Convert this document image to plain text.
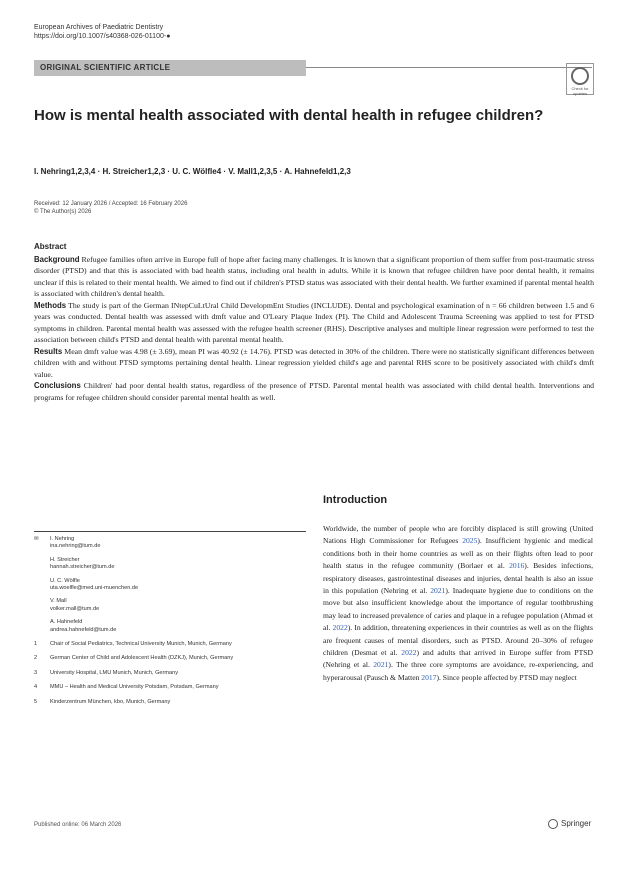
European Archives of Paediatric Dentistry
https://doi.org/10.1007/s40368-026-01100-●
ORIGINAL SCIENTIFIC ARTICLE
Check for updates
How is mental health associated with dental health in refugee children?
I. Nehring1,2,3,4 · H. Streicher1,2,3 · U. C. Wölfle4 · V. Mall1,2,3,5 · A. Hahnefeld1,2,3
Received: 12 January 2026 / Accepted: 16 February 2026
© The Author(s) 2026
Abstract

Background Refugee families often arrive in Europe full of hope after facing many challenges. It is known that a significant proportion of them suffer from post-traumatic stress disorder (PTSD) and that this is associated with bad health status, including oral health in adults. While it is known that refugee children have poor dental health, it remains unclear if this is related to their mental health. We aimed to find out if children's PTSD status was associated with their dental health. We further examined if parental mental health is associated with children's dental health.

Methods The study is part of the German INtерCuLtUral Child DevelopmEnt Studies (INCLUDE). Dental and psychological examination of n = 66 children between 1.5 and 6 years was conducted. Dental health was assessed with dmft value and O'Leary Plaque Index (PI). The Child and Adolescent Trauma Screening was applied to test for PTSD symptoms in children. Parental mental health was assessed with the refugee health screener (RHS). Descriptive analyses and multiple linear regression were performed to test the association between child's PTSD and dental health with parental mental health.

Results Mean dmft value was 4.98 (± 3.69), mean PI was 40.92 (± 14.76). PTSD was detected in 30% of the children. There were no statistically significant differences between children with and without PTSD symptoms pertaining dental health. Linear regression yielded child's age and parental RHS score to be positively associated with child's dmft value.

Conclusions Children' had poor dental health status, regardless of the presence of PTSD. Parental mental health was associated with child dental health. Interventions and programs for refugee children should consider parental mental health as well.

Introduction
Worldwide, the number of people who are forcibly displaced is still growing (United Nations High Commissioner for Refugees 2025). Insufficient hygienic and medical conditions both in their home countries as well as on their flights often lead to poor health status in the refugee community (Borlaer et al. 2016). Besides infections, respiratory diseases, gastrointestinal diseases and injuries, dental health is also an issue in this population (Nehring et al. 2021). Inadequate hygiene due to conditions on the move but also insufficient knowledge about the importance of regular toothbrushing may lead to increased prevalence of caries and plaque in a refugee population (Ahmad et al. 2022). In addition, threatening experiences in their countries as well as on the flights are frequent causes of mental disorders, such as PTSD. Around 20–30% of refugee children (Desmat et al. 2022) and adults that arrived in Europe suffer from PTSD (Nehring et al. 2021). The three core symptoms are avoidance, re-experiencing, and hyperarousal (Pausch & Matten 2017). Since people affected by PTSD may neglect
✉ I. Nehring
ina.nehring@tum.de
H. Streicher
hannah.streicher@tum.de
U. C. Wölfle
uta.woelfle@med.uni-muenchen.de
V. Mall
volker.mall@tum.de
A. Hahnefeld
andrea.hahnefeld@tum.de
1	Chair of Social Pediatrics, Technical University Munich, Munich, Germany
2	German Center of Child and Adolescent Health (DZKJ), Munich, Germany
3	University Hospital, LMU Munich, Munich, Germany
4	MMU – Health and Medical University Potsdam, Potsdam, Germany
5	Kinderzentrum München, kbo, Munich, Germany
Published online: 06 March 2026	Springer
